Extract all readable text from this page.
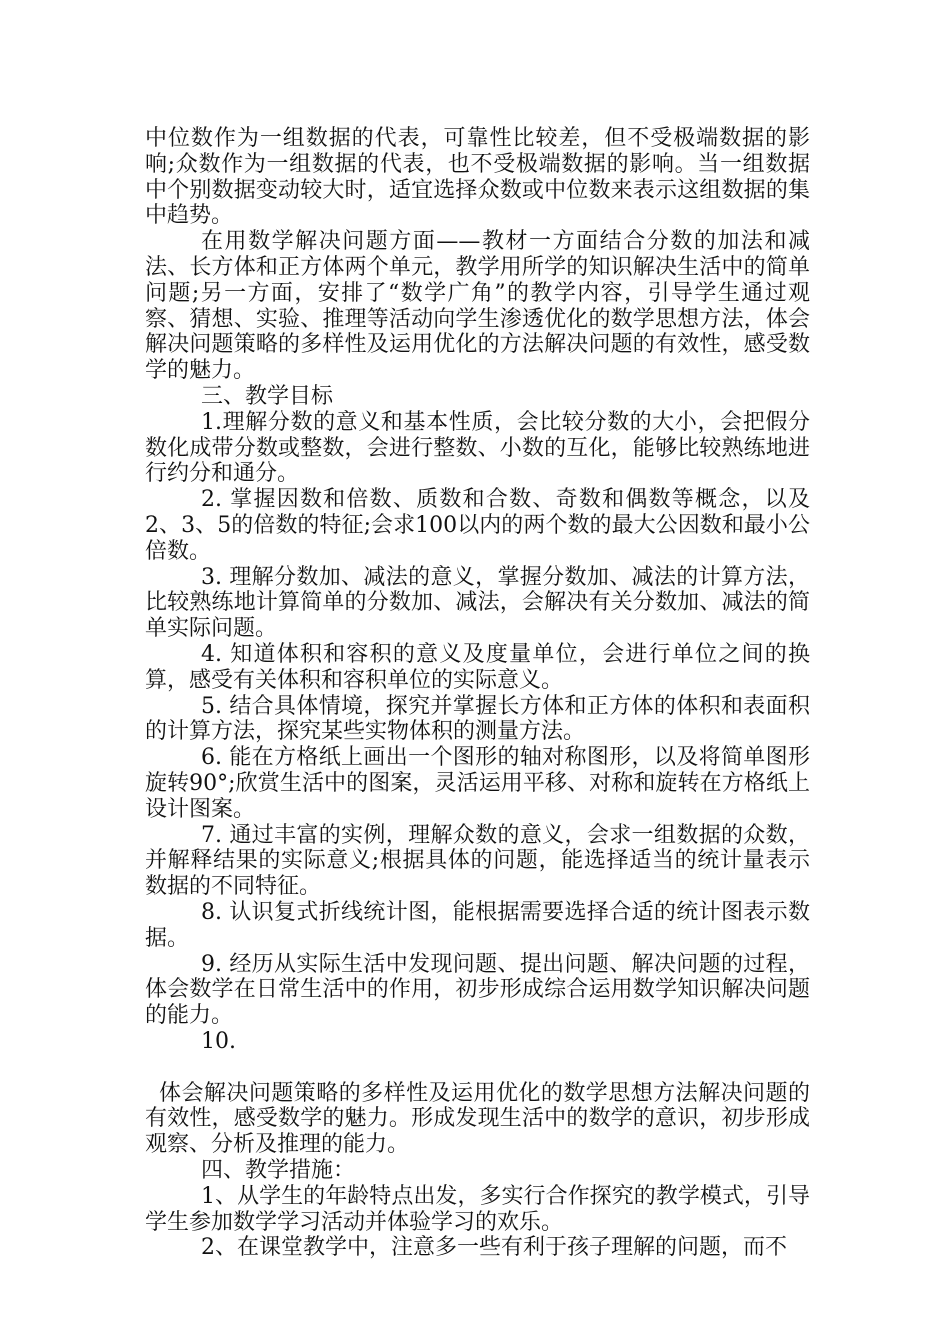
中位数作为一组数据的代表，可靠性比较差，但不受极端数据的影响;众数作为一组数据的代表，也不受极端数据的影响。当一组数据中个别数据变动较大时，适宜选择众数或中位数来表示这组数据的集中趋势。

在用数学解决问题方面——教材一方面结合分数的加法和减法、长方体和正方体两个单元，教学用所学的知识解决生活中的简单问题;另一方面，安排了“数学广角”的教学内容，引导学生通过观察、猜想、实验、推理等活动向学生渗透优化的数学思想方法，体会解决问题策略的多样性及运用优化的方法解决问题的有效性，感受数学的魅力。

三、教学目标

1.理解分数的意义和基本性质，会比较分数的大小，会把假分数化成带分数或整数，会进行整数、小数的互化，能够比较熟练地进行约分和通分。

2. 掌握因数和倍数、质数和合数、奇数和偶数等概念，以及2、3、5的倍数的特征;会求100以内的两个数的最大公因数和最小公倍数。

3. 理解分数加、减法的意义，掌握分数加、减法的计算方法，比较熟练地计算简单的分数加、减法，会解决有关分数加、减法的简单实际问题。

4. 知道体积和容积的意义及度量单位，会进行单位之间的换算，感受有关体积和容积单位的实际意义。

5. 结合具体情境，探究并掌握长方体和正方体的体积和表面积的计算方法，探究某些实物体积的测量方法。

6. 能在方格纸上画出一个图形的轴对称图形，以及将简单图形旋转90°;欣赏生活中的图案，灵活运用平移、对称和旋转在方格纸上设计图案。

7. 通过丰富的实例，理解众数的意义，会求一组数据的众数，并解释结果的实际意义;根据具体的问题，能选择适当的统计量表示数据的不同特征。

8. 认识复式折线统计图，能根据需要选择合适的统计图表示数据。

9. 经历从实际生活中发现问题、提出问题、解决问题的过程，体会数学在日常生活中的作用，初步形成综合运用数学知识解决问题的能力。

10.

体会解决问题策略的多样性及运用优化的数学思想方法解决问题的有效性，感受数学的魅力。形成发现生活中的数学的意识，初步形成观察、分析及推理的能力。

四、教学措施：

1、从学生的年龄特点出发，多实行合作探究的教学模式，引导学生参加数学学习活动并体验学习的欢乐。

2、在课堂教学中，注意多一些有利于孩子理解的问题，而不
